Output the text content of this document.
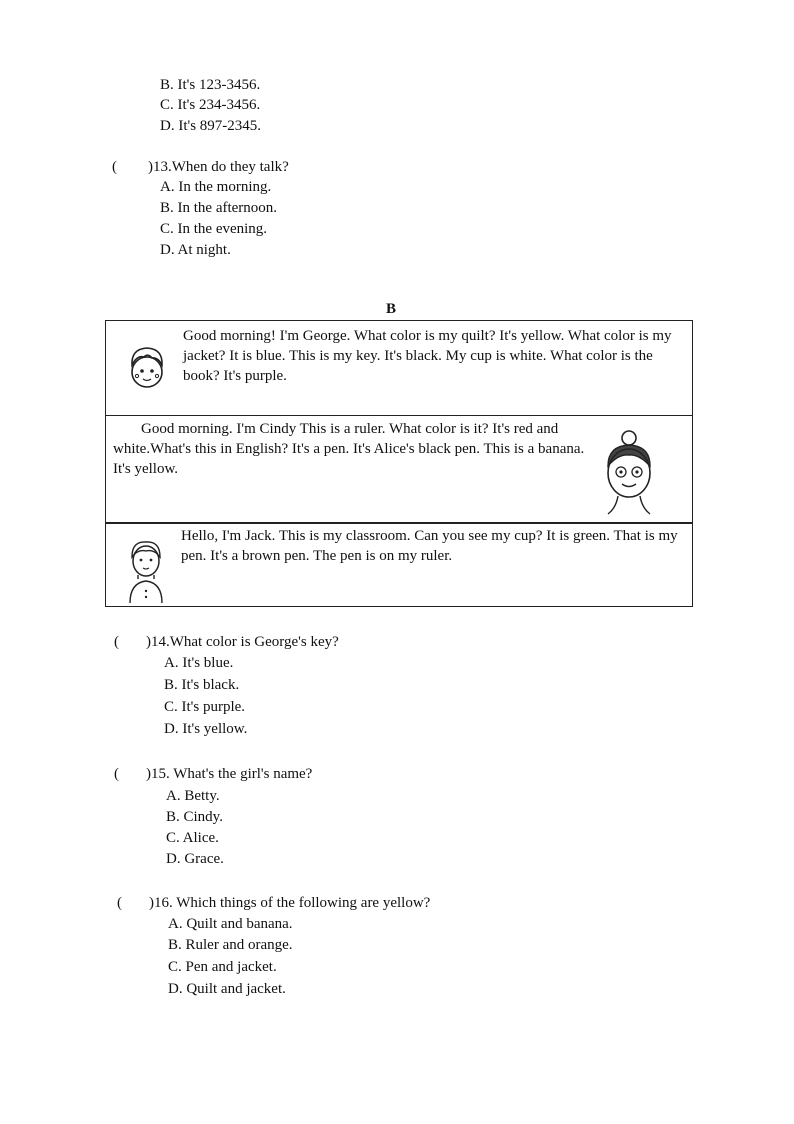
B. It's 123-3456.
C. It's 234-3456.
D. It's 897-2345.
(	)13.When do they talk?
A. In the morning.
B. In the afternoon.
C. In the evening.
D. At night.
B
Good morning! I'm George. What color is my quilt? It's yellow. What color is my jacket? It is blue. This is my key. It's black. My cup is white. What color is the book? It's purple.
Good morning. I'm Cindy This is a ruler. What color is it? It's red and white.What's this in English? It's a pen. It's Alice's black pen. This is a banana. It's yellow.
Hello, I'm Jack. This is my classroom. Can you see my cup? It is green. That is my pen. It's a brown pen. The pen is on my ruler.
(	)14.What color is George's key?
A. It's blue.
B. It's black.
C. It's purple.
D. It's yellow.
(	)15. What's the girl's name?
A. Betty.
B. Cindy.
C. Alice.
D. Grace.
(	)16. Which things of the following are yellow?
A. Quilt and banana.
B. Ruler and orange.
C. Pen and jacket.
D. Quilt and jacket.
